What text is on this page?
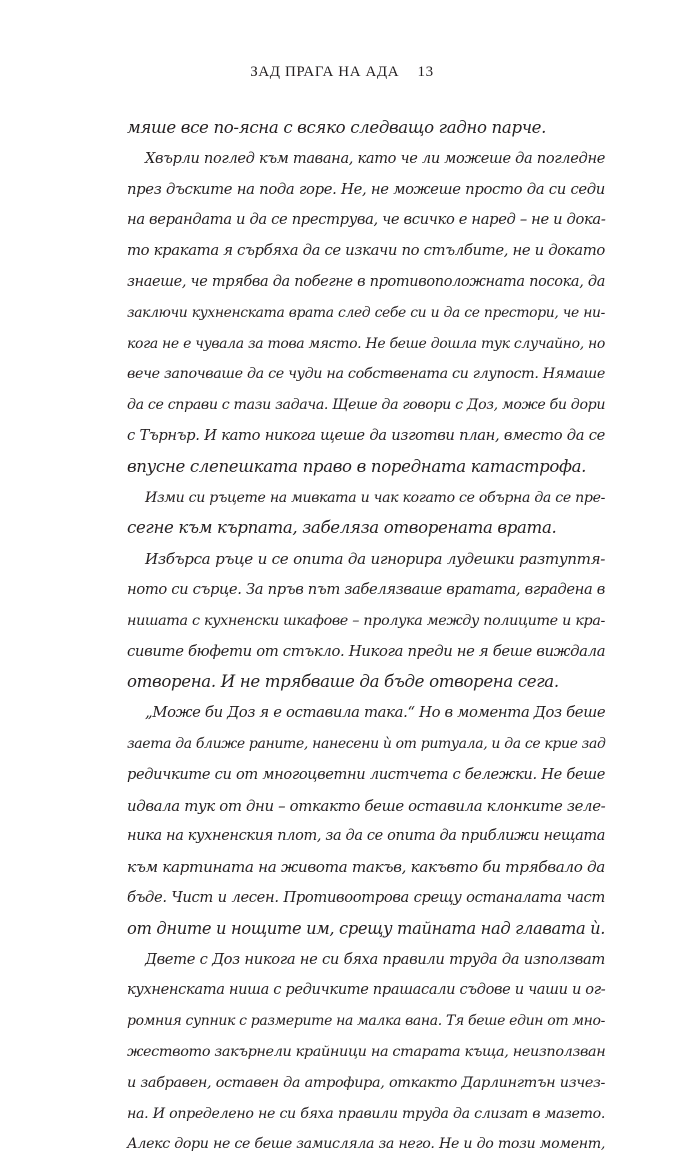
ЗАД ПРАГА НА АДА 13
мяше все по-ясна с всяко следващо гадно парче.
Хвърли поглед към тавана, като че ли можеше да погледне
през дъските на пода горе. Не, не можеше просто да си седи
на верандата и да се преструва, че всичко е наред – не и дока-
то краката я сърбяха да се изкачи по стълбите, не и докато
знаеше, че трябва да побегне в противоположната посока, да
заключи кухненската врата след себе си и да се престори, че ни-
кога не е чувала за това място. Не беше дошла тук случайно, но
вече започваше да се чуди на собствената си глупост. Нямаше
да се справи с тази задача. Щеше да говори с Доз, може би дори
с Търнър. И като никога щеше да изготви план, вместо да се
впусне слепешката право в поредната катастрофа.
Изми си ръцете на мивката и чак когато се обърна да се пре-
сегне към кърпата, забеляза отворената врата.
Избърса ръце и се опита да игнорира лудешки разтуптя-
ното си сърце. За пръв път забелязваше вратата, вградена в
нишата с кухненски шкафове – пролука между полиците и кра-
сивите бюфети от стъкло. Никога преди не я беше виждала
отворена. И не трябваше да бъде отворена сега.
„Може би Доз я е оставила така.“ Но в момента Доз беше
заета да ближе раните, нанесени ѝ от ритуала, и да се крие зад
редичките си от многоцветни листчета с бележки. Не беше
идвала тук от дни – откакто беше оставила клонките зеле-
ника на кухненския плот, за да се опита да приближи нещата
към картината на живота такъв, какъвто би трябвало да
бъде. Чист и лесен. Противоотрова срещу останалата част
от дните и нощите им, срещу тайната над главата ѝ.
Двете с Доз никога не си бяха правили труда да използват
кухненската ниша с редичките прашасали съдове и чаши и ог-
ромния супник с размерите на малка вана. Тя беше един от мно-
жеството закърнели крайници на старата къща, неизползван
и забравен, оставен да атрофира, откакто Дарлингтън изчез-
на. И определено не си бяха правили труда да слизат в мазето.
Алекс дори не се беше замисляла за него. Не и до този момент,
